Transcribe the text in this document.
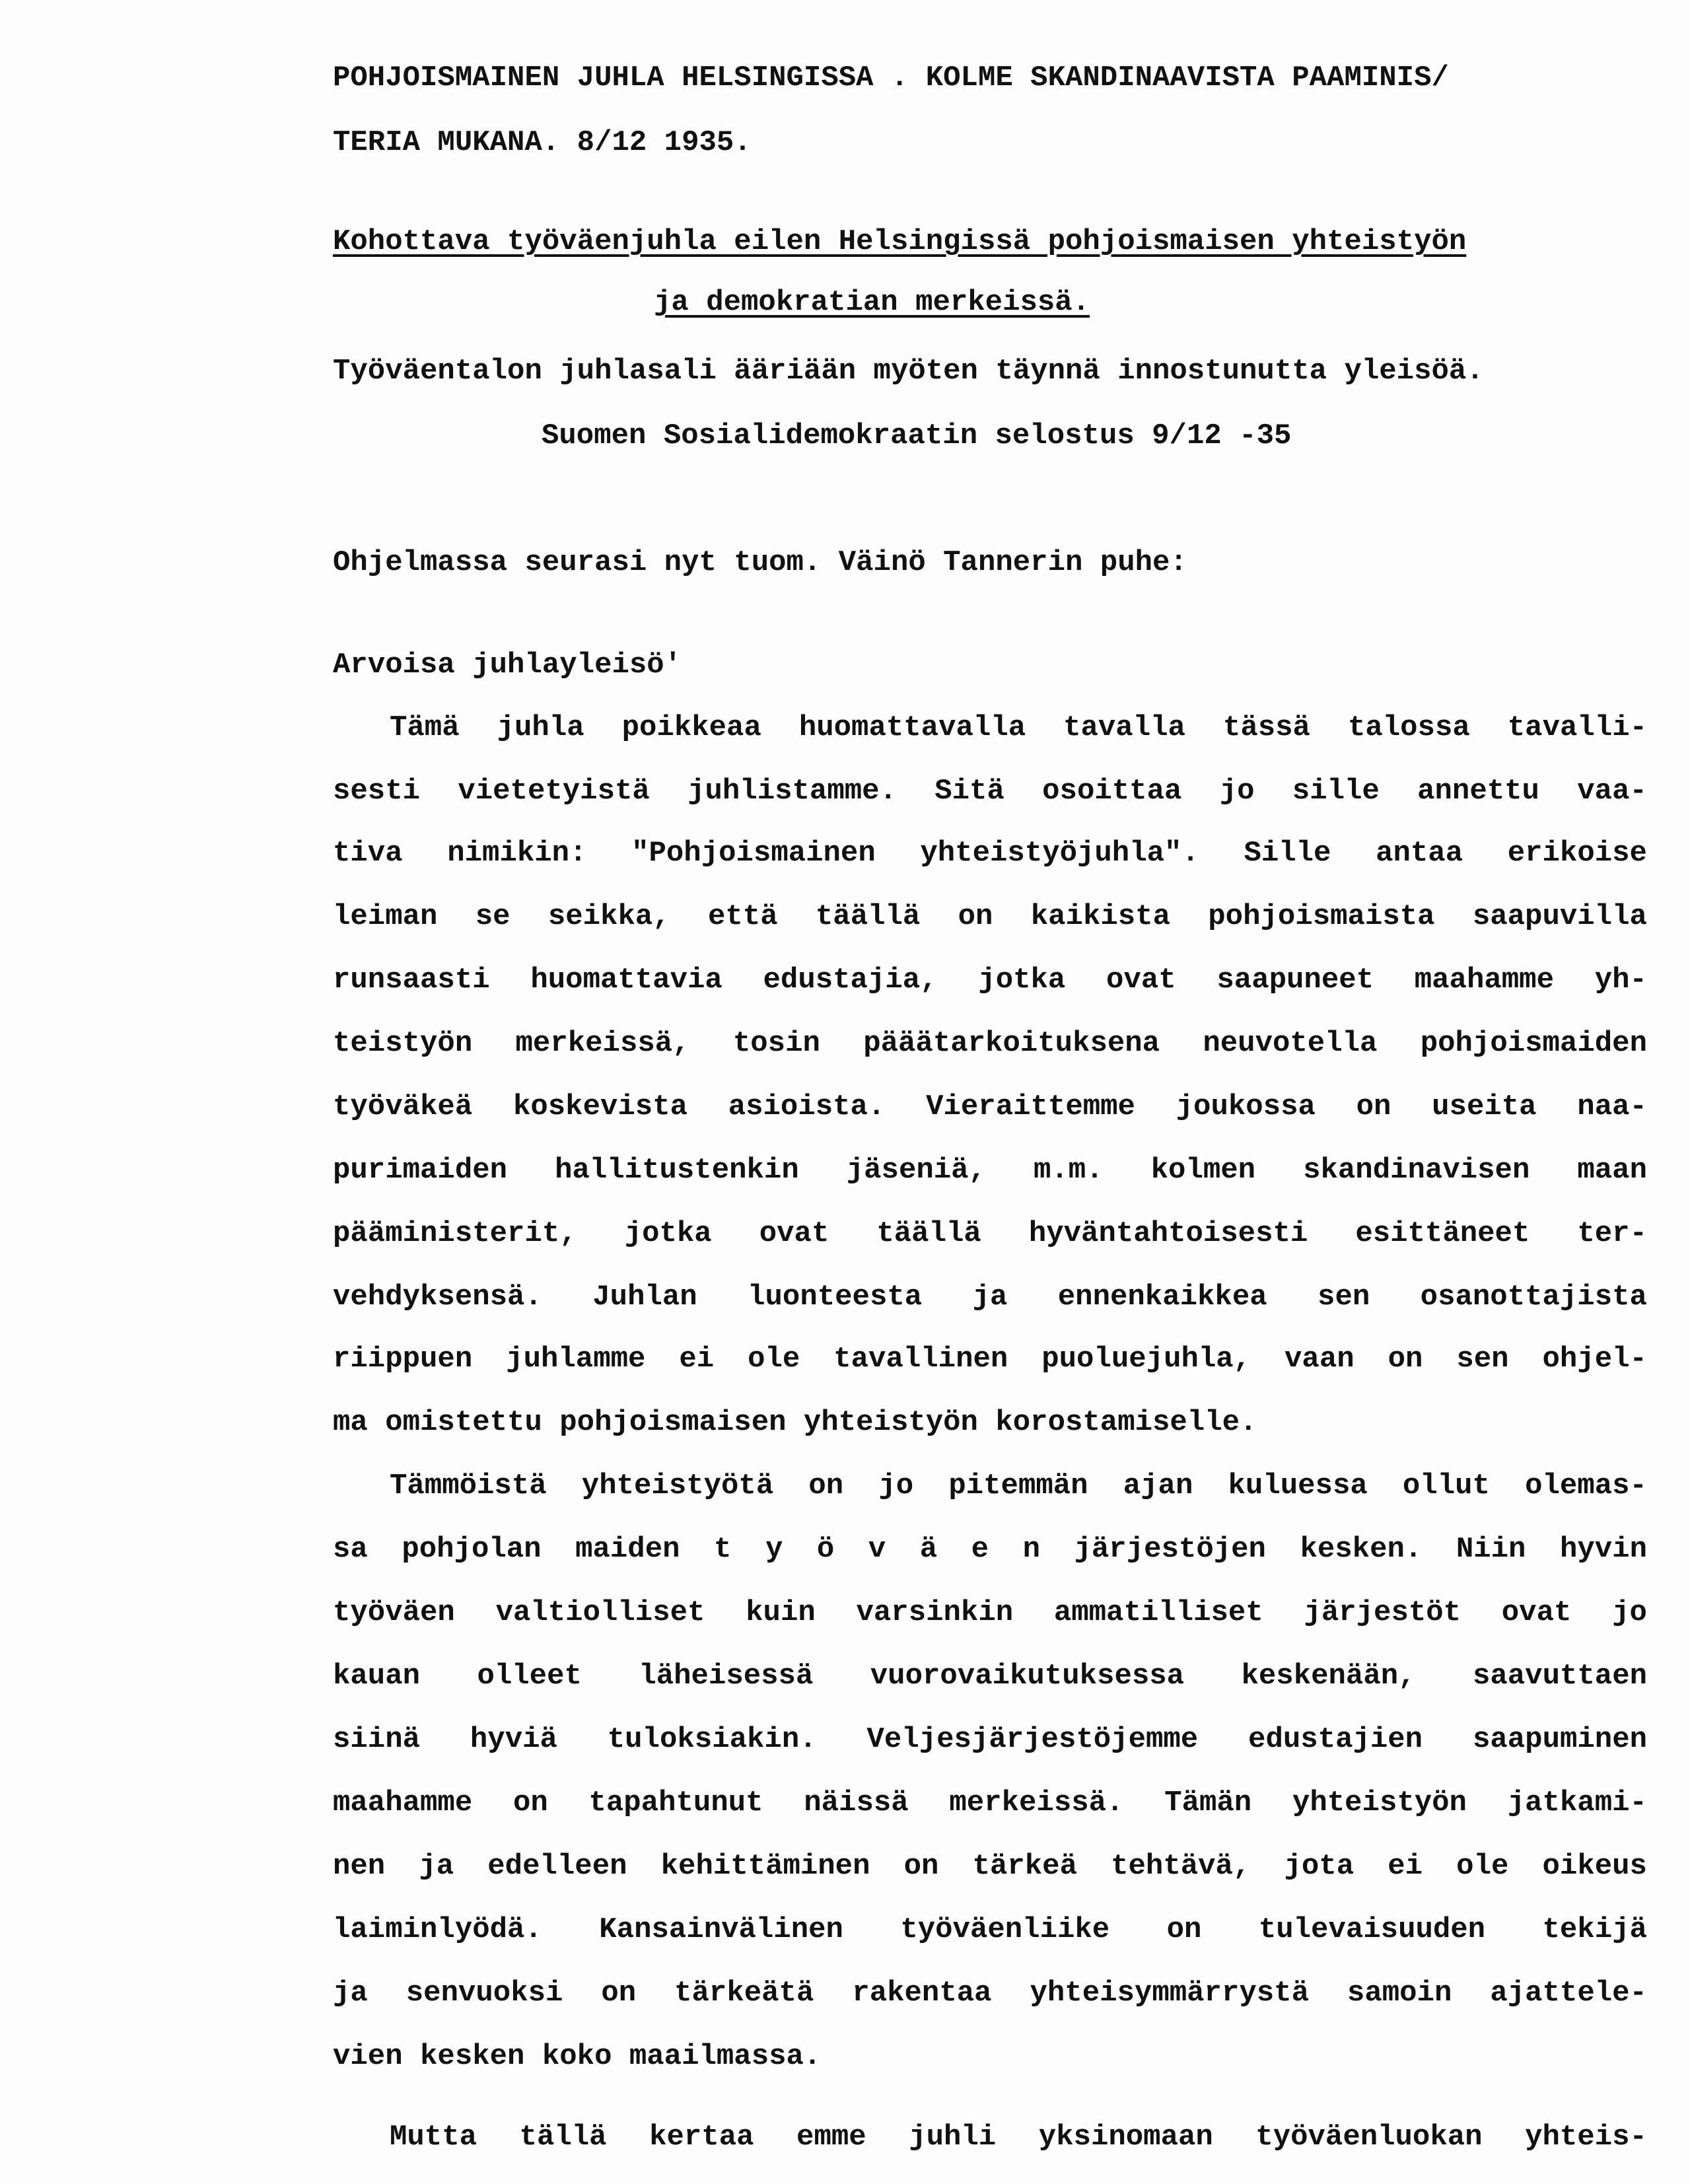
POHJOISMAINEN JUHLA HELSINGISSA . KOLME SKANDINAAVISTA PAAMINIS/
TERIA MUKANA. 8/12 1935.
Kohottava työväenjuhla eilen Helsingissä pohjoismaisen yhteistyön
ja demokratian merkeissä.
Työväentalon juhlasali ääriään myöten täynnä innostunutta yleisöä.
Suomen Sosialidemokraatin selostus 9/12 -35
Ohjelmassa seurasi nyt tuom. Väinö Tannerin puhe:
Arvoisa juhlayleisö'
Tämä juhla poikkeaa huomattavalla tavalla tässä talossa tavalli-
sesti vietetyistä juhlistamme. Sitä osoittaa jo sille annettu vaa-
tiva nimikin: "Pohjoismainen yhteistyöjuhla". Sille antaa erikoise
leiman se seikka, että täällä on kaikista pohjoismaista saapuvilla
runsaasti huomattavia edustajia, jotka ovat saapuneet maahamme yh-
teistyön merkeissä, tosin pääätarkoituksena neuvotella pohjoismaiden
työväkeä koskevista asioista. Vieraittemme joukossa on useita naa-
purimaiden hallitustenkin jäseniä, m.m. kolmen skandinavisen maan
pääministerit, jotka ovat täällä hyväntahtoisesti esittäneet ter-
vehdyksensä. Juhlan luonteesta ja ennenkaikkea sen osanottajista
riippuen juhlamme ei ole tavallinen puoluejuhla, vaan on sen ohjel-
ma omistettu pohjoismaisen yhteistyön korostamiselle.
Tämmöistä yhteistyötä on jo pitemmän ajan kuluessa ollut olemas-
sa pohjolan maiden t y ö v ä e n järjestöjen kesken. Niin hyvin
työväen valtiolliset kuin varsinkin ammatilliset järjestöt ovat jo
kauan olleet läheisessä vuorovaikutuksessa keskenään, saavuttaen
siinä hyviä tuloksiakin. Veljesjärjestöjemme edustajien saapuminen
maahamme on tapahtunut näissä merkeissä. Tämän yhteistyön jatkami-
nen ja edelleen kehittäminen on tärkeä tehtävä, jota ei ole oikeus
laiminlyödä. Kansainvälinen työväenliike on tulevaisuuden tekijä
ja senvuoksi on tärkeätä rakentaa yhteisymmärrystä samoin ajattele-
vien kesken koko maailmassa.
Mutta tällä kertaa emme juhli yksinomaan työväenluokan yhteis-
